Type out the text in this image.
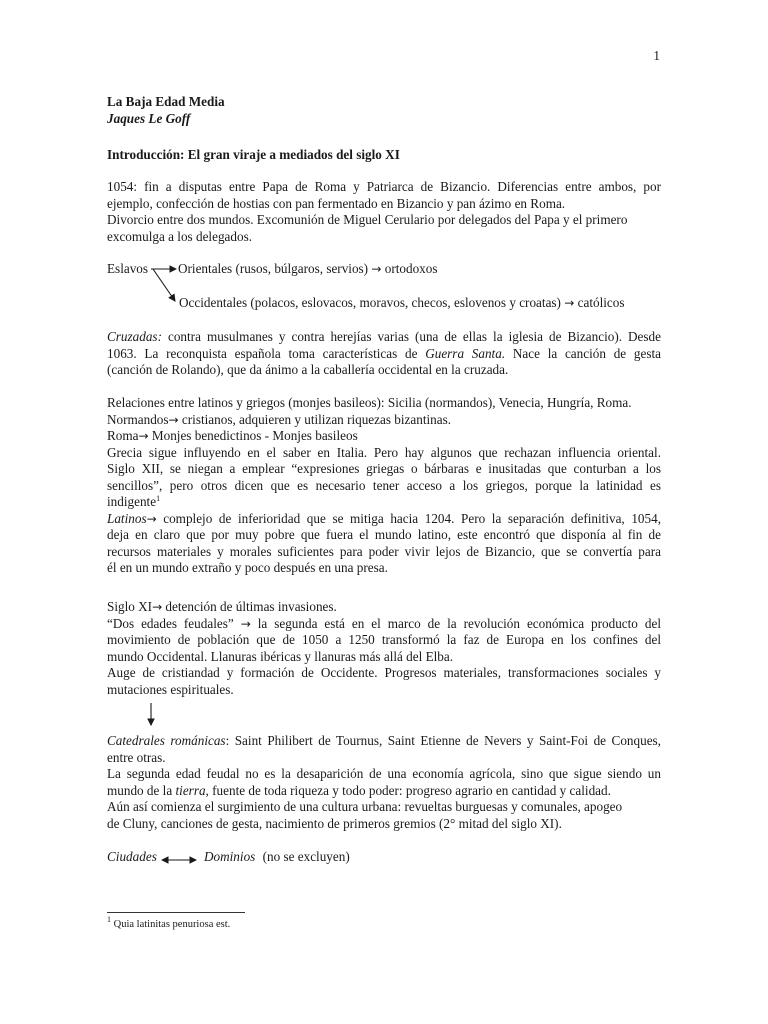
1
La Baja Edad Media
Jaques Le Goff
Introducción: El gran viraje a mediados del siglo XI
1054: fin a disputas entre Papa de Roma y Patriarca de Bizancio. Diferencias entre ambos, por
ejemplo, confección de hostias con pan fermentado en Bizancio y pan ázimo en Roma.
Divorcio entre dos mundos. Excomunión de Miguel Cerulario por delegados del Papa y el primero
excomulga a los delegados.
Eslavos Orientales (rusos, búlgaros, servios) → ortodoxos
Occidentales (polacos, eslovacos, moravos, checos, eslovenos y croatas) → católicos
Cruzadas: contra musulmanes y contra herejías varias (una de ellas la iglesia de Bizancio). Desde
1063. La reconquista española toma características de Guerra Santa. Nace la canción de gesta
(canción de Rolando), que da ánimo a la caballería occidental en la cruzada.
Relaciones entre latinos y griegos (monjes basileos): Sicilia (normandos), Venecia, Hungría, Roma.
Normandos→ cristianos, adquieren y utilizan riquezas bizantinas.
Roma→ Monjes benedictinos - Monjes basileos
Grecia sigue influyendo en el saber en Italia. Pero hay algunos que rechazan influencia oriental.
Siglo XII, se niegan a emplear “expresiones griegas o bárbaras e inusitadas que conturban a los
sencillos”, pero otros dicen que es necesario tener acceso a los griegos, porque la latinidad es
indigente$^1$
Latinos→ complejo de inferioridad que se mitiga hacia 1204. Pero la separación definitiva, 1054,
deja en claro que por muy pobre que fuera el mundo latino, este encontró que disponía al fin de
recursos materiales y morales suficientes para poder vivir lejos de Bizancio, que se convertía para
él en un mundo extraño y poco después en una presa.
Siglo XI→ detención de últimas invasiones.
“Dos edades feudales” → la segunda está en el marco de la revolución económica producto del
movimiento de población que de 1050 a 1250 transformó la faz de Europa en los confines del
mundo Occidental. Llanuras ibéricas y llanuras más allá del Elba.
Auge de cristiandad y formación de Occidente. Progresos materiales, transformaciones sociales y
mutaciones espirituales.
Catedrales románicas: Saint Philibert de Tournus, Saint Etienne de Nevers y Saint-Foi de Conques,
entre otras.
La segunda edad feudal no es la desaparición de una economía agrícola, sino que sigue siendo un
mundo de la tierra, fuente de toda riqueza y todo poder: progreso agrario en cantidad y calidad.
Aún así comienza el surgimiento de una cultura urbana: revueltas burguesas y comunales, apogeo
de Cluny, canciones de gesta, nacimiento de primeros gremios (2° mitad del siglo XI).
Ciudades	Dominios (no se excluyen)
$^1$ Quia latinitas penuriosa est.
